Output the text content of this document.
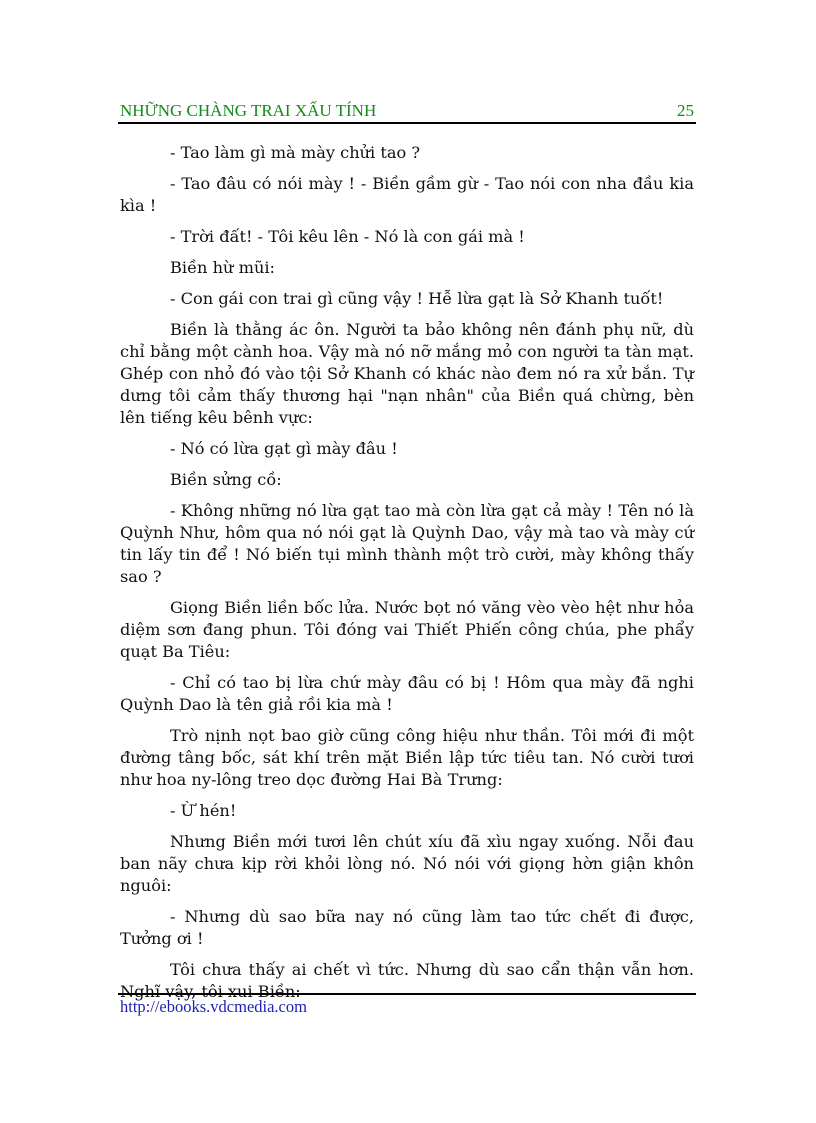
NHỮNG CHÀNG TRAI XẤU TÍNH	25

- Tao làm gì mà mày chửi tao ?

- Tao đâu có nói mày ! - Biền gầm gừ - Tao nói con nha đầu kia kìa !

- Trời đất! - Tôi kêu lên - Nó là con gái mà !

Biền hừ mũi:

- Con gái con trai gì cũng vậy ! Hễ lừa gạt là Sở Khanh tuốt!

Biền là thằng ác ôn. Người ta bảo không nên đánh phụ nữ, dù chỉ bằng một cành hoa. Vậy mà nó nỡ mắng mỏ con người ta tàn mạt. Ghép con nhỏ đó vào tội Sở Khanh có khác nào đem nó ra xử bắn. Tự dưng tôi cảm thấy thương hại "nạn nhân" của Biền quá chừng, bèn lên tiếng kêu bênh vực:

- Nó có lừa gạt gì mày đâu !

Biền sửng cồ:

- Không những nó lừa gạt tao mà còn lừa gạt cả mày ! Tên nó là Quỳnh Như, hôm qua nó nói gạt là Quỳnh Dao, vậy mà tao và mày cứ tin lấy tin để ! Nó biến tụi mình thành một trò cười, mày không thấy sao ?

Giọng Biền liền bốc lửa. Nước bọt nó văng vèo vèo hệt như hỏa diệm sơn đang phun. Tôi đóng vai Thiết Phiến công chúa, phe phẩy quạt Ba Tiêu:

- Chỉ có tao bị lừa chứ mày đâu có bị ! Hôm qua mày đã nghi Quỳnh Dao là tên giả rồi kia mà !

Trò nịnh nọt bao giờ cũng công hiệu như thần. Tôi mới đi một đường tâng bốc, sát khí trên mặt Biền lập tức tiêu tan. Nó cười tươi như hoa ny-lông treo dọc đường Hai Bà Trưng:

- Ừ hén!

Nhưng Biền mới tươi lên chút xíu đã xìu ngay xuống. Nỗi đau ban nãy chưa kịp rời khỏi lòng nó. Nó nói với giọng hờn giận khôn nguôi:

- Nhưng dù sao bữa nay nó cũng làm tao tức chết đi được, Tưởng ơi !

Tôi chưa thấy ai chết vì tức. Nhưng dù sao cẩn thận vẫn hơn. Nghĩ vậy, tôi xui Biền:

http://ebooks.vdcmedia.com
